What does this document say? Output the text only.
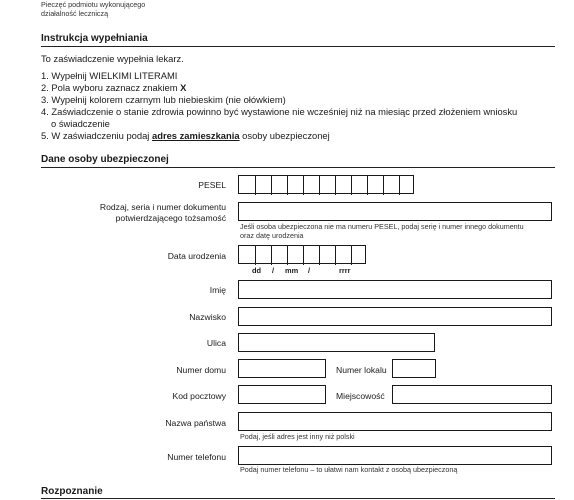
Pieczęć podmiotu wykonującego
działalność leczniczą
Instrukcja wypełniania
To zaświadczenie wypełnia lekarz.
1. Wypełnij WIELKIMI LITERAMI
2. Pola wyboru zaznacz znakiem X
3. Wypełnij kolorem czarnym lub niebieskim (nie ołówkiem)
4. Zaświadczenie o stanie zdrowia powinno być wystawione nie wcześniej niż na miesiąc przed złożeniem wniosku
o świadczenie
5. W zaświadczeniu podaj adres zamieszkania osoby ubezpieczonej
Dane osoby ubezpieczonej
PESEL
Rodzaj, seria i numer dokumentu
potwierdzającego tożsamość
Jeśli osoba ubezpieczona nie ma numeru PESEL, podaj serię i numer innego dokumentu
oraz datę urodzenia
Data urodzenia
dd / mm /	rrrr
Imię
Nazwisko
Ulica
Numer domu	Numer lokalu
Kod pocztowy	Miejscowość
Nazwa państwa
Podaj, jeśli adres jest inny niż polski
Numer telefonu
Podaj numer telefonu – to ułatwi nam kontakt z osobą ubezpieczoną
Rozpoznanie
